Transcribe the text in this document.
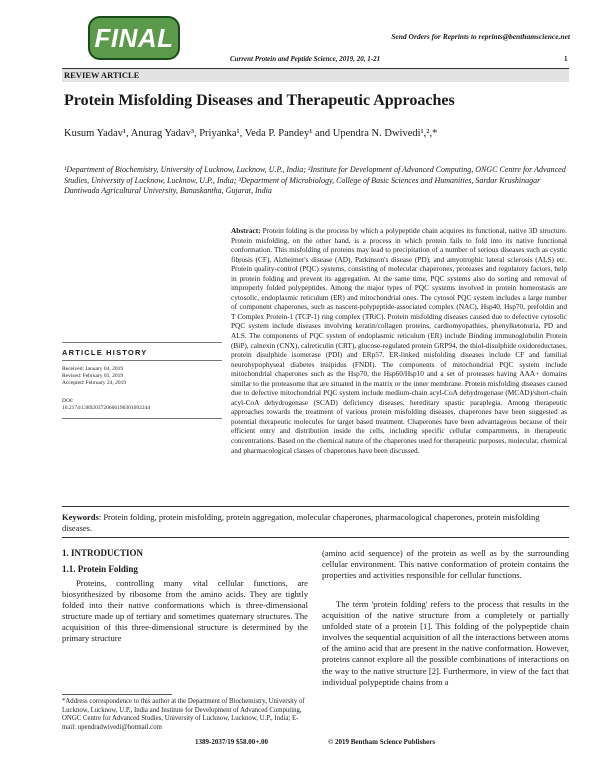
FINAL	Send Orders for Reprints to reprints@benthamscience.net
Current Protein and Peptide Science, 2019, 20, 1-21	1
REVIEW ARTICLE
Protein Misfolding Diseases and Therapeutic Approaches
Kusum Yadav¹, Anurag Yadav³, Priyanka¹, Veda P. Pandey¹ and Upendra N. Dwivedi¹,²,*
¹Department of Biochemistry, University of Lucknow, Lucknow, U.P., India; ²Institute for Development of Advanced Computing, ONGC Centre for Advanced Studies, University of Lucknow, Lucknow, U.P., India; ³Department of Microbiology, College of Basic Sciences and Humanities, Sardar Krushinagar Dantiwada Agricultural University, Banaskantha, Gujarat, India
Abstract: Protein folding is the process by which a polypeptide chain acquires its functional, native 3D structure. Protein misfolding, on the other hand, is a process in which protein fails to fold into its native functional conformation. This misfolding of proteins may lead to precipitation of a number of serious diseases such as cystic fibrosis (CF), Alzheimer's disease (AD), Parkinson's disease (PD), and amyotrophic lateral sclerosis (ALS) etc. Protein quality-control (PQC) systems, consisting of molecular chaperones, proteases and regulatory factors, help in protein folding and prevent its aggregation. At the same time, PQC systems also do sorting and removal of improperly folded polypeptides. Among the major types of PQC systems involved in protein homeostasis are cytosolic, endoplasmic reticulum (ER) and mitochondrial ones. The cytosol PQC system includes a large number of component chaperones, such as nascent-polypeptide-associated complex (NAC), Hsp40, Hsp70, prefoldin and T Complex Protein-1 (TCP-1) ring complex (TRiC). Protein misfolding diseases caused due to defective cytosolic PQC system include diseases involving keratin/collagen proteins, cardiomyopathies, phenylketonuria, PD and ALS. The components of PQC system of endoplasmic reticulum (ER) include Binding immunoglobulin Protein (BiP), calnexin (CNX), calreticulin (CRT), glucose-regulated protein GRP94, the thiol-disulphide oxidoreductases, protein disulphide isomerase (PDI) and ERp57. ER-linked misfolding diseases include CF and familial neurohypophyseal diabetes insipidus (FNDI). The components of mitochondrial PQC system include mitochondrial chaperones such as the Hsp70, the Hsp60/Hsp10 and a set of proteases having AAA+ domains similar to the proteasome that are situated in the matrix or the inner membrane. Protein misfolding diseases caused due to defective mitochondrial PQC system include medium-chain acyl-CoA dehydrogenase (MCAD)/short-chain acyl-CoA dehydrogenase (SCAD) deficiency diseases, hereditary spastic paraplegia. Among therapeutic approaches towards the treatment of various protein misfolding diseases, chaperones have been suggested as potential therapeutic molecules for target based treatment. Chaperones have been advantageous because of their efficient entry and distribution inside the cells, including specific cellular compartments, in therapeutic concentrations. Based on the chemical nature of the chaperones used for therapeutic purposes, molecular, chemical and pharmacological classes of chaperones have been discussed.
ARTICLE HISTORY
Received: January 04, 2019
Revised: February 01, 2019
Accepted: February 24, 2019
DOI:
10.2174/1389203720666190301092244
Keywords: Protein folding, protein misfolding, protein aggregation, molecular chaperones, pharmacological chaperones, protein misfolding diseases.
1. INTRODUCTION
1.1. Protein Folding
Proteins, controlling many vital cellular functions, are biosynthesized by ribosome from the amino acids. They are tightly folded into their native conformations which is three-dimensional structure made up of tertiary and sometimes quaternary structures. The acquisition of this three-dimensional structure is determined by the primary structure
(amino acid sequence) of the protein as well as by the surrounding cellular environment. This native conformation of protein contains the properties and activities responsible for cellular functions.
The term 'protein folding' refers to the process that results in the acquisition of the native structure from a completely or partially unfolded state of a protein [1]. This folding of the polypeptide chain involves the sequential acquisition of all the interactions between atoms of the amino acid that are present in the native conformation. However, proteins cannot explore all the possible combinations of interactions on the way to the native structure [2]. Furthermore, in view of the fact that individual polypeptide chains from a
*Address correspondence to this author at the Department of Biochemistry, University of Lucknow, Lucknow, U.P., India and Institute for Development of Advanced Computing, ONGC Centre for Advanced Studies, University of Lucknow, Lucknow, U.P., India; E-mail: upendradwivedi@hotmail.com
1389-2037/19 $58.00+.00	© 2019 Bentham Science Publishers
